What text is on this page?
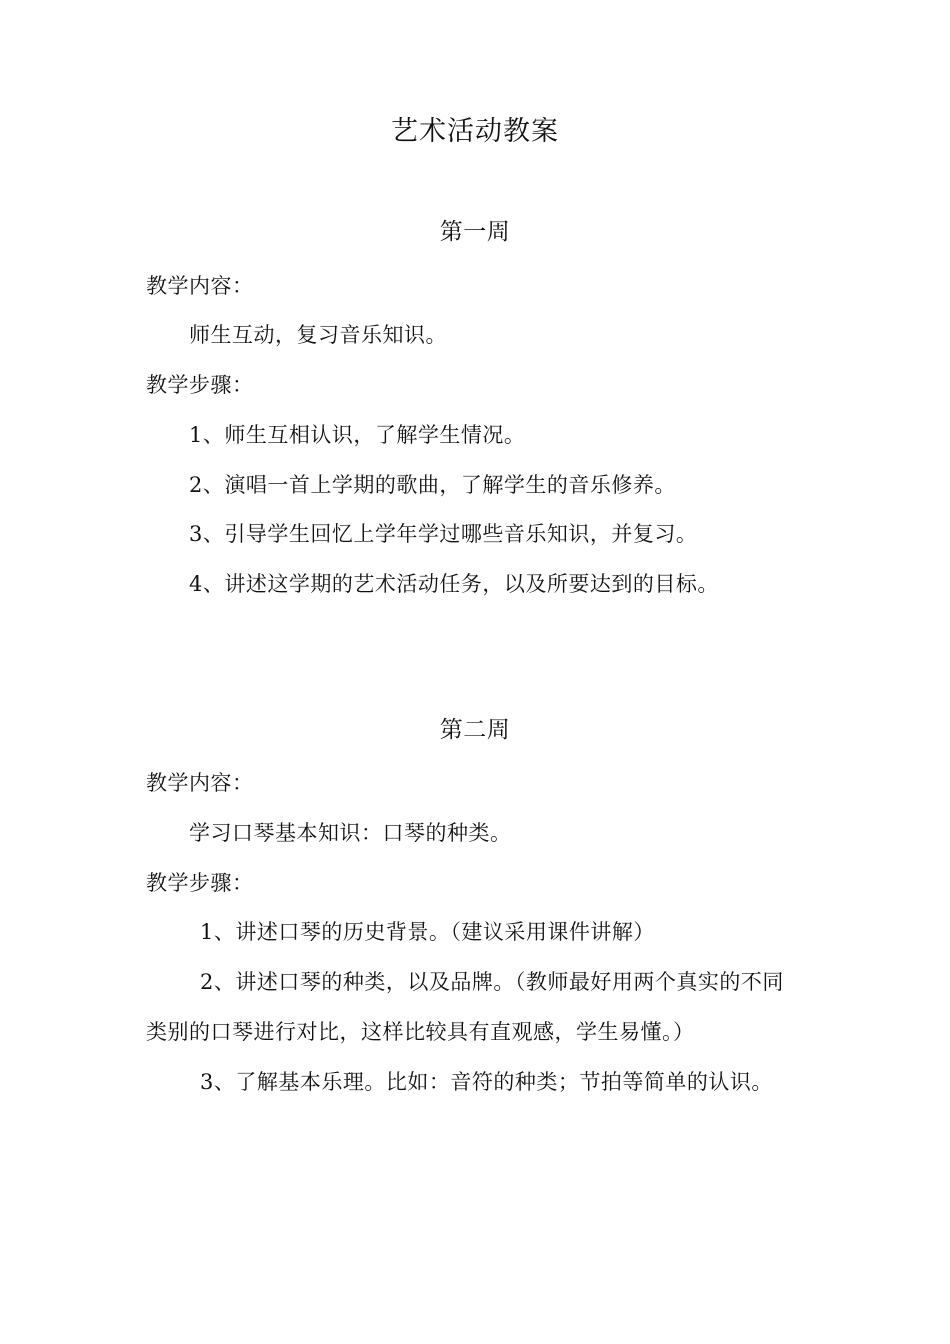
艺术活动教案
第一周
教学内容：
师生互动，复习音乐知识。
教学步骤：
1、师生互相认识，了解学生情况。
2、演唱一首上学期的歌曲，了解学生的音乐修养。
3、引导学生回忆上学年学过哪些音乐知识，并复习。
4、讲述这学期的艺术活动任务，以及所要达到的目标。
第二周
教学内容：
学习口琴基本知识：口琴的种类。
教学步骤：
1、讲述口琴的历史背景。（建议采用课件讲解）
2、讲述口琴的种类，以及品牌。（教师最好用两个真实的不同
类别的口琴进行对比，这样比较具有直观感，学生易懂。）
3、了解基本乐理。比如：音符的种类；节拍等简单的认识。
